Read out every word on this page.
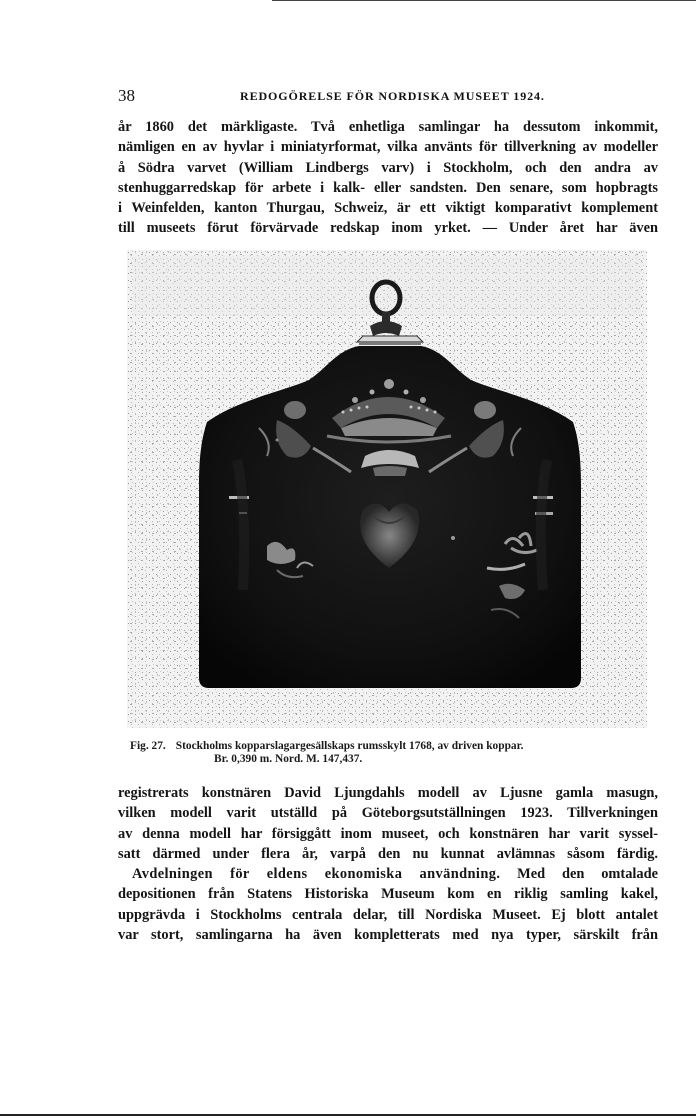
38	REDOGÖRELSE FÖR NORDISKA MUSEET 1924.
år 1860 det märkligaste. Två enhetliga samlingar ha dessutom inkommit,
nämligen en av hyvlar i miniatyrformat, vilka använts för tillverkning av modeller
å Södra varvet (William Lindbergs varv) i Stockholm, och den andra av
stenhuggarredskap för arbete i kalk- eller sandsten. Den senare, som hopbragts
i Weinfelden, kanton Thurgau, Schweiz, är ett viktigt komparativt komplement
till museets förut förvärvade redskap inom yrket. — Under året har även
Fig. 27. Stockholms kopparslagargesällskaps rumsskylt 1768, av driven koppar.
Br. 0,390 m. Nord. M. 147,437.
registrerats konstnären David Ljungdahls modell av Ljusne gamla masugn,
vilken modell varit utställd på Göteborgsutställningen 1923. Tillverkningen
av denna modell har försiggått inom museet, och konstnären har varit syssel-
satt därmed under flera år, varpå den nu kunnat avlämnas såsom färdig.
Avdelningen för eldens ekonomiska användning. Med den omtalade
depositionen från Statens Historiska Museum kom en riklig samling kakel,
uppgrävda i Stockholms centrala delar, till Nordiska Museet. Ej blott antalet
var stort, samlingarna ha även kompletterats med nya typer, särskilt från
